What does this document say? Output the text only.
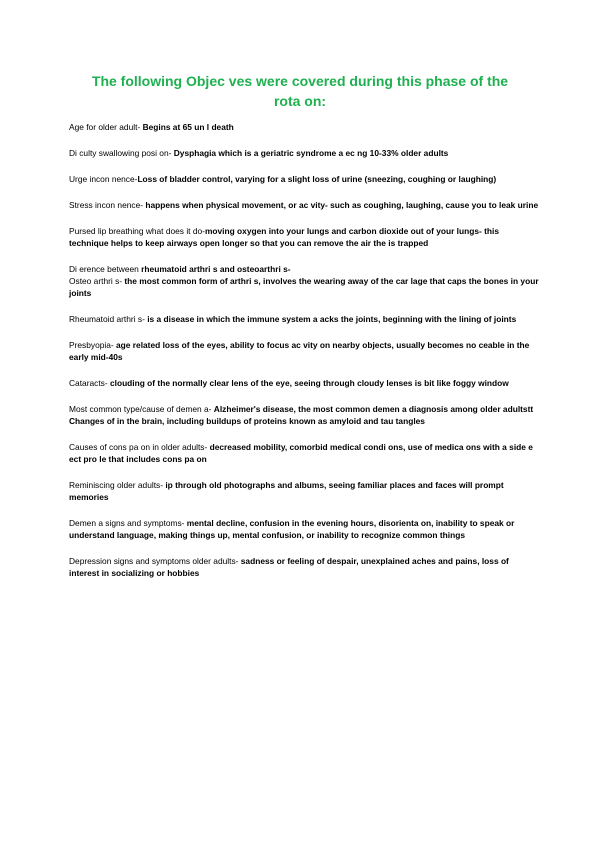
The following Objec ves were covered during this phase of the
rota on:

Age for older adult- Begins at 65 un l death

Di culty swallowing posi on- Dysphagia which is a geriatric syndrome a ec ng 10-33% older adults

Urge incon nence-Loss of bladder control, varying for a slight loss of urine (sneezing, coughing or laughing)

Stress incon nence- happens when physical movement, or ac vity- such as coughing, laughing, cause you to leak urine

Pursed lip breathing what does it do-moving oxygen into your lungs and carbon dioxide out of your lungs- this technique helps to keep airways open longer so that you can remove the air the is trapped

Di erence between rheumatoid arthri s and osteoarthri s-

Osteo arthri s- the most common form of arthri s, involves the wearing away of the car lage that caps the bones in your joints

Rheumatoid arthri s- is a disease in which the immune system a acks the joints, beginning with the lining of joints

Presbyopia- age related loss of the eyes, ability to focus ac vity on nearby objects, usually becomes no ceable in the early mid-40s

Cataracts- clouding of the normally clear lens of the eye, seeing through cloudy lenses is bit like foggy window

Most common type/cause of demen a- Alzheimer's disease, the most common demen a diagnosis among older adultstt Changes of in the brain, including buildups of proteins known as amyloid and tau tangles

Causes of cons pa on in older adults- decreased mobility, comorbid medical condi ons, use of medica ons with a side e ect pro le that includes cons pa on

Reminiscing older adults- ip through old photographs and albums, seeing familiar places and faces will prompt memories

Demen a signs and symptoms- mental decline, confusion in the evening hours, disorienta on, inability to speak or understand language, making things up, mental confusion, or inability to recognize common things

Depression signs and symptoms older adults- sadness or feeling of despair, unexplained aches and pains, loss of interest in socializing or hobbies
